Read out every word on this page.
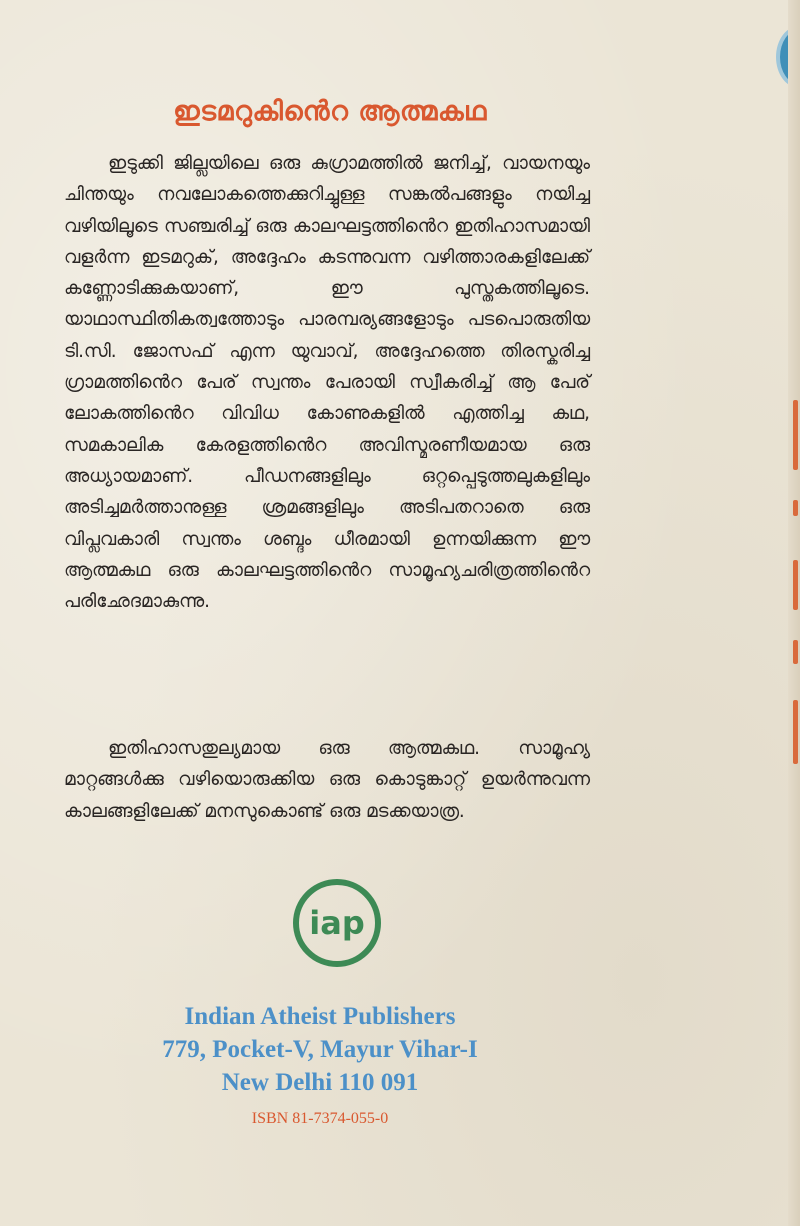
ഇടമറുകിൻെറ ആത്മകഥ

ഇടുക്കി ജില്ലയിലെ ഒരു കുഗ്രാമത്തിൽ ജനിച്ച്, വായനയും ചിന്തയും നവലോകത്തെക്കുറിച്ചുള്ള സങ്കൽപങ്ങളും നയിച്ച വഴിയിലൂടെ സഞ്ചരിച്ച് ഒരു കാലഘട്ടത്തിൻെറ ഇതിഹാസമായി വളർന്ന ഇടമറുക്, അദ്ദേഹം കടന്നുവന്ന വഴിത്താരകളിലേക്ക് കണ്ണോടിക്കുകയാണ്, ഈ പുസ്തകത്തിലൂടെ. യാഥാസ്ഥിതികത്വത്തോടും പാരമ്പര്യങ്ങളോടും പടപൊരുതിയ ടി.സി. ജോസഫ് എന്ന യുവാവ്, അദ്ദേഹത്തെ തിരസ്കരിച്ച ഗ്രാമത്തിൻെറ പേര് സ്വന്തം പേരായി സ്വീകരിച്ച് ആ പേര് ലോകത്തിൻെറ വിവിധ കോണുകളിൽ എത്തിച്ച കഥ, സമകാലിക കേരളത്തിൻെറ അവിസ്മരണീയമായ ഒരു അധ്യായമാണ്. പീഡനങ്ങളിലും ഒറ്റപ്പെടുത്തലുകളിലും അടിച്ചമർത്താനുള്ള ശ്രമങ്ങളിലും അടിപതറാതെ ഒരു വിപ്ലവകാരി സ്വന്തം ശബ്ദം ധീരമായി ഉന്നയിക്കുന്ന ഈ ആത്മകഥ ഒരു കാലഘട്ടത്തിൻെറ സാമൂഹ്യചരിത്രത്തിൻെറ പരിഛേദമാകുന്നു.

ഇതിഹാസതുല്യമായ ഒരു ആത്മകഥ. സാമൂഹ്യ മാറ്റങ്ങൾക്കു വഴിയൊരുക്കിയ ഒരു കൊടുങ്കാറ്റ് ഉയർന്നുവന്ന കാലങ്ങളിലേക്ക് മനസുകൊണ്ട് ഒരു മടക്കയാത്ര.

iap
Indian Atheist Publishers
779, Pocket-V, Mayur Vihar-I
New Delhi 110 091
ISBN 81-7374-055-0
